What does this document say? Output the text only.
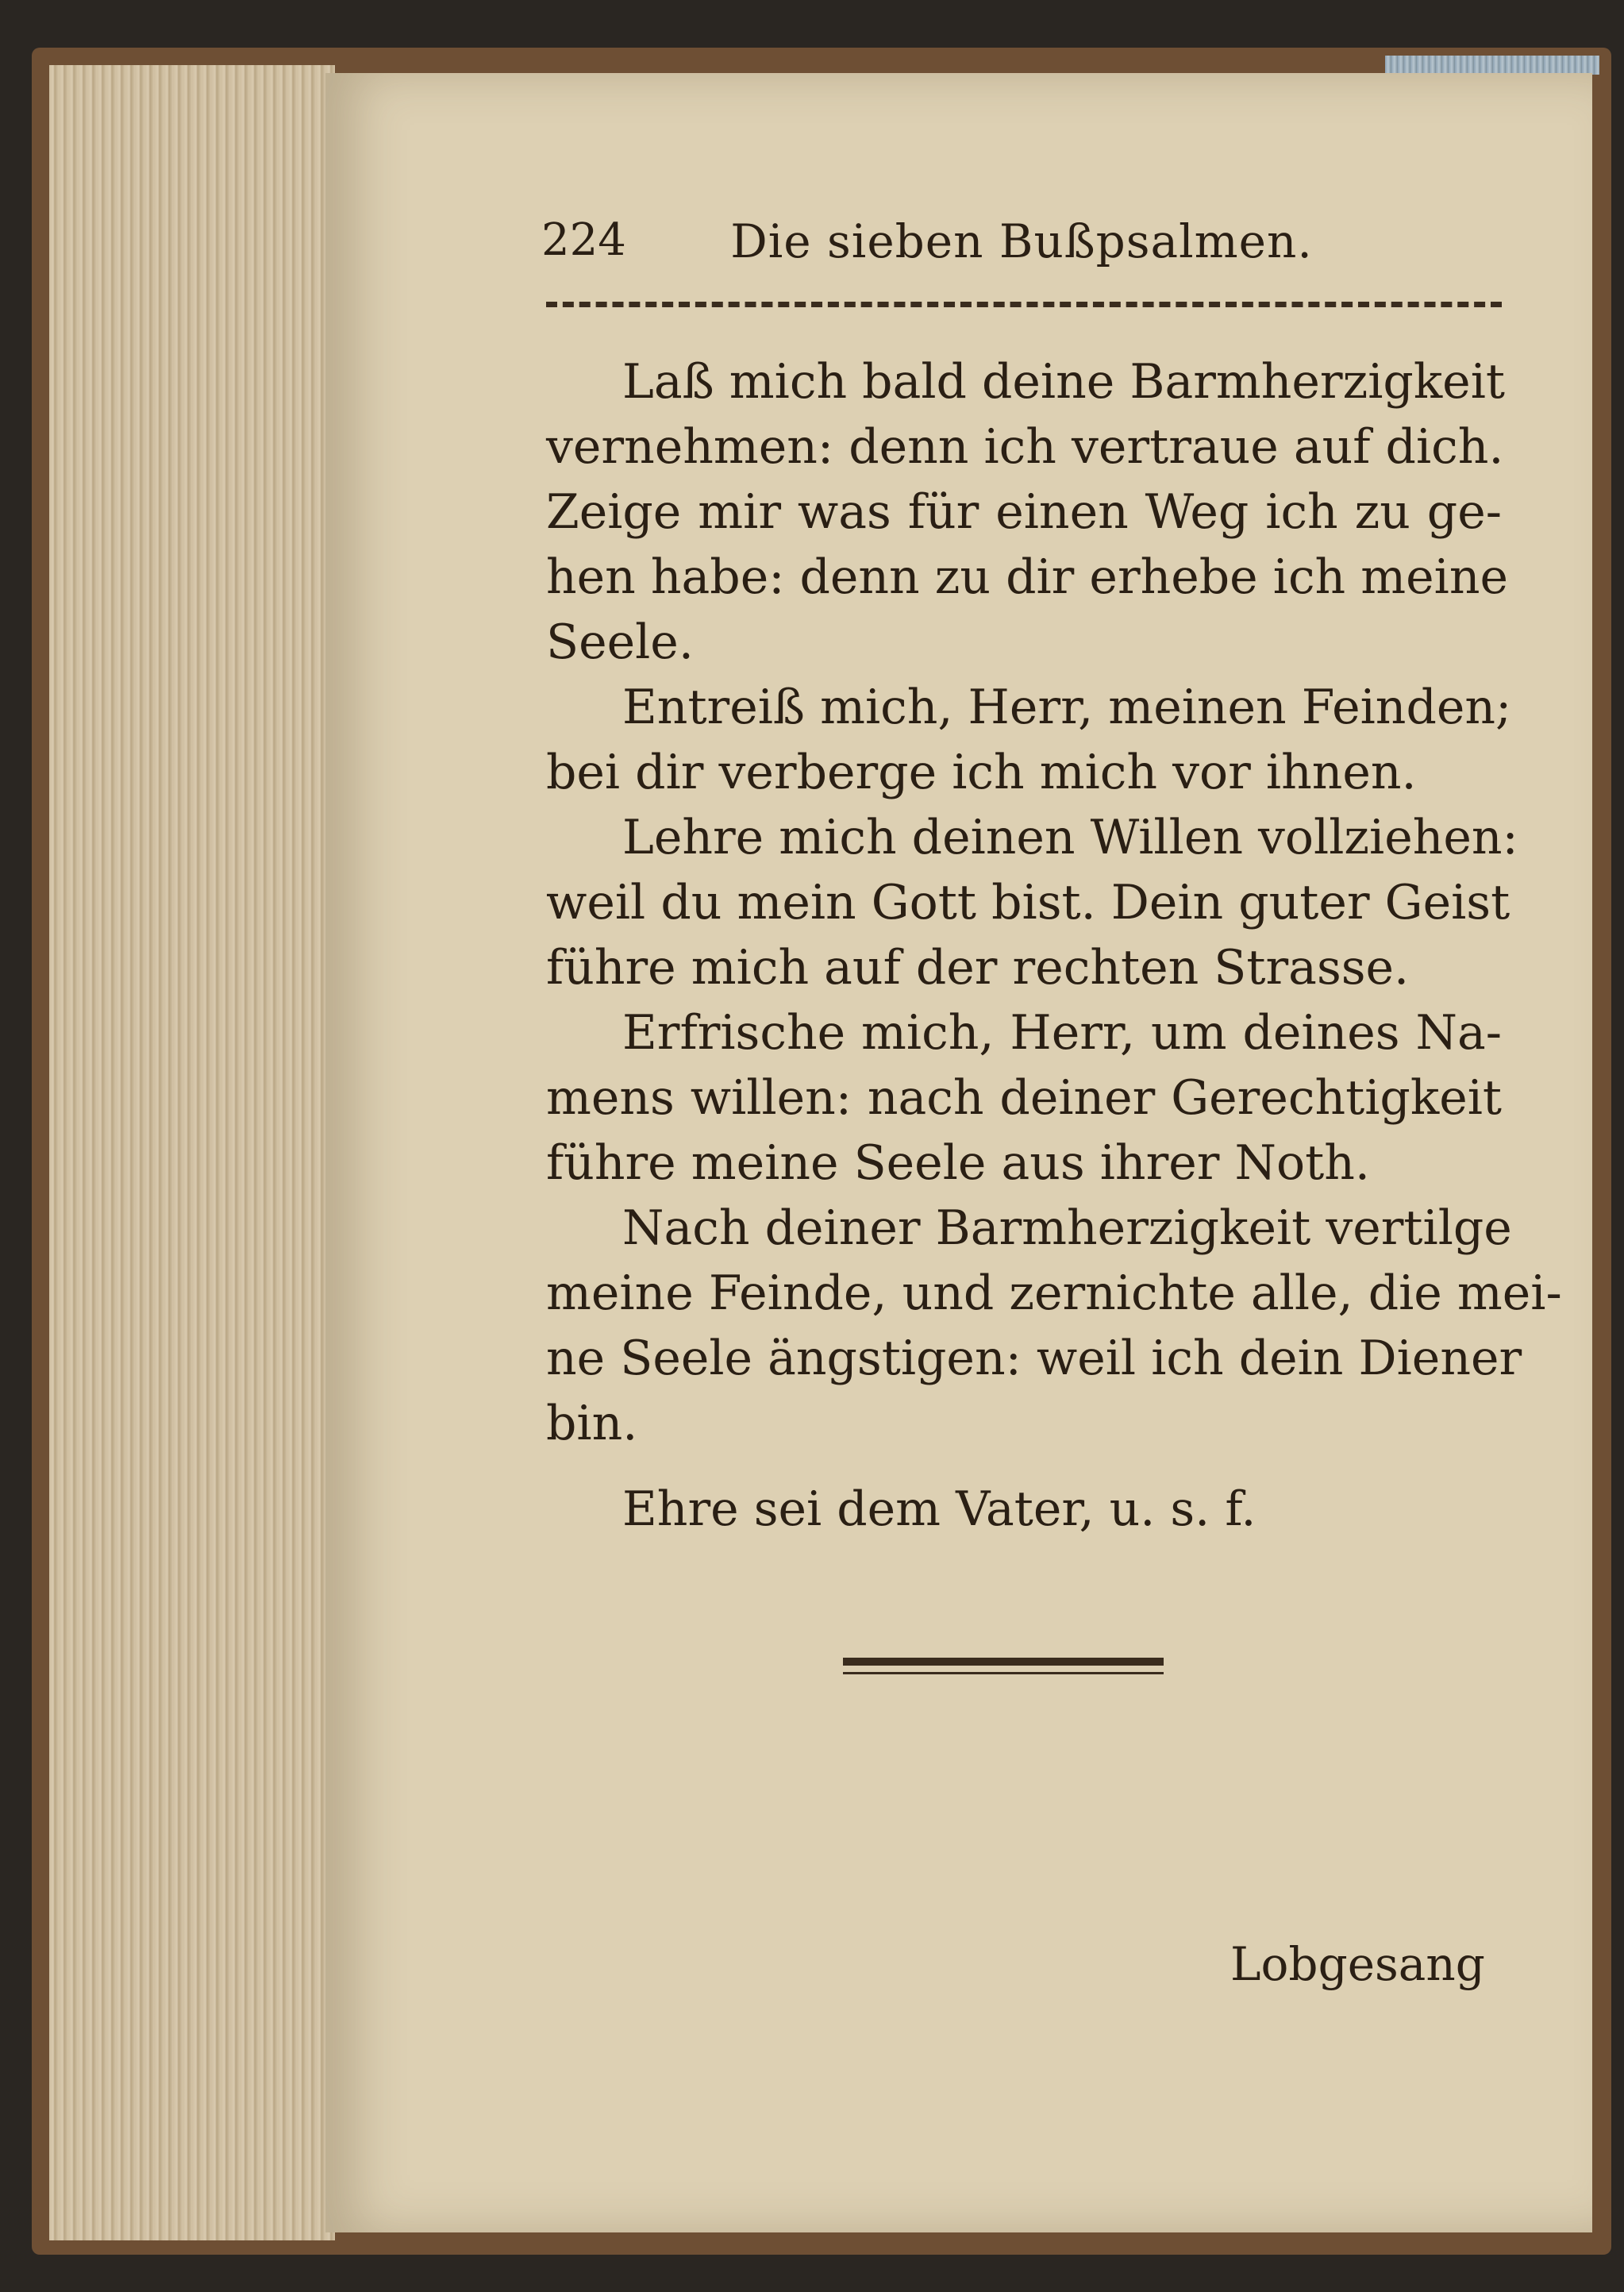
224	Die sieben Bußpsalmen.
Laß mich bald deine Barmherzigkeit
vernehmen: denn ich vertraue auf dich.
Zeige mir was für einen Weg ich zu ge-
hen habe: denn zu dir erhebe ich meine
Seele.
Entreiß mich, Herr, meinen Feinden;
bei dir verberge ich mich vor ihnen.
Lehre mich deinen Willen vollziehen:
weil du mein Gott bist. Dein guter Geist
führe mich auf der rechten Strasse.
Erfrische mich, Herr, um deines Na-
mens willen: nach deiner Gerechtigkeit
führe meine Seele aus ihrer Noth.
Nach deiner Barmherzigkeit vertilge
meine Feinde, und zernichte alle, die mei-
ne Seele ängstigen: weil ich dein Diener
bin.
Ehre sei dem Vater, u. s. f.
Lobgesang
